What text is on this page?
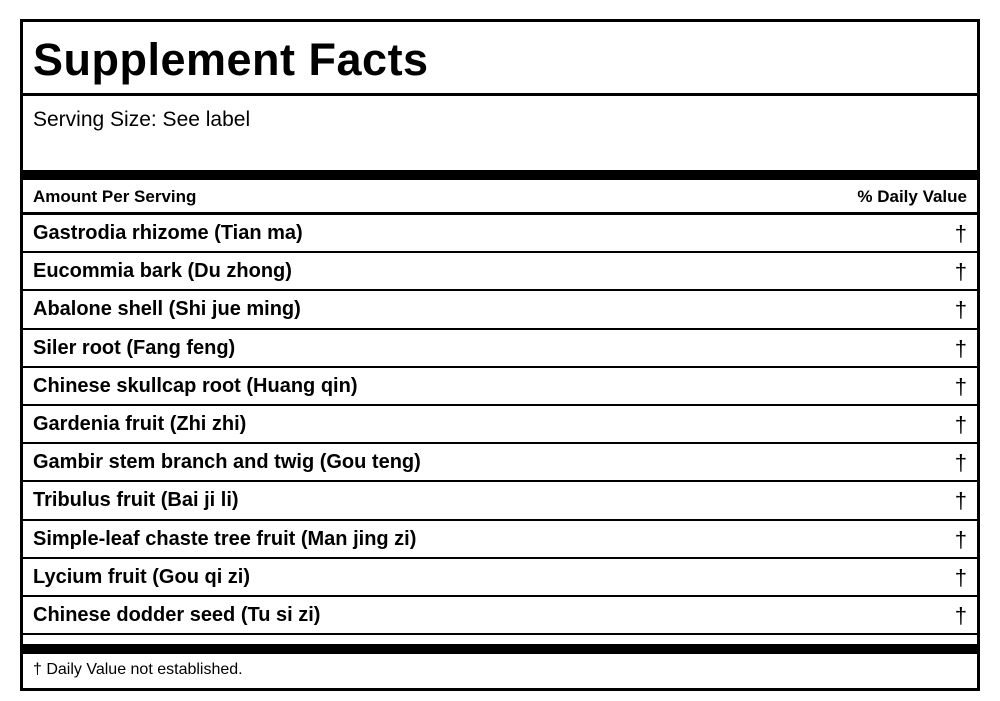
Supplement Facts
Serving Size: See label
Amount Per Serving	% Daily Value
Gastrodia rhizome (Tian ma)	†
Eucommia bark (Du zhong)	†
Abalone shell (Shi jue ming)	†
Siler root (Fang feng)	†
Chinese skullcap root (Huang qin)	†
Gardenia fruit (Zhi zhi)	†
Gambir stem branch and twig (Gou teng)	†
Tribulus fruit (Bai ji li)	†
Simple-leaf chaste tree fruit (Man jing zi)	†
Lycium fruit (Gou qi zi)	†
Chinese dodder seed (Tu si zi)	†
† Daily Value not established.
